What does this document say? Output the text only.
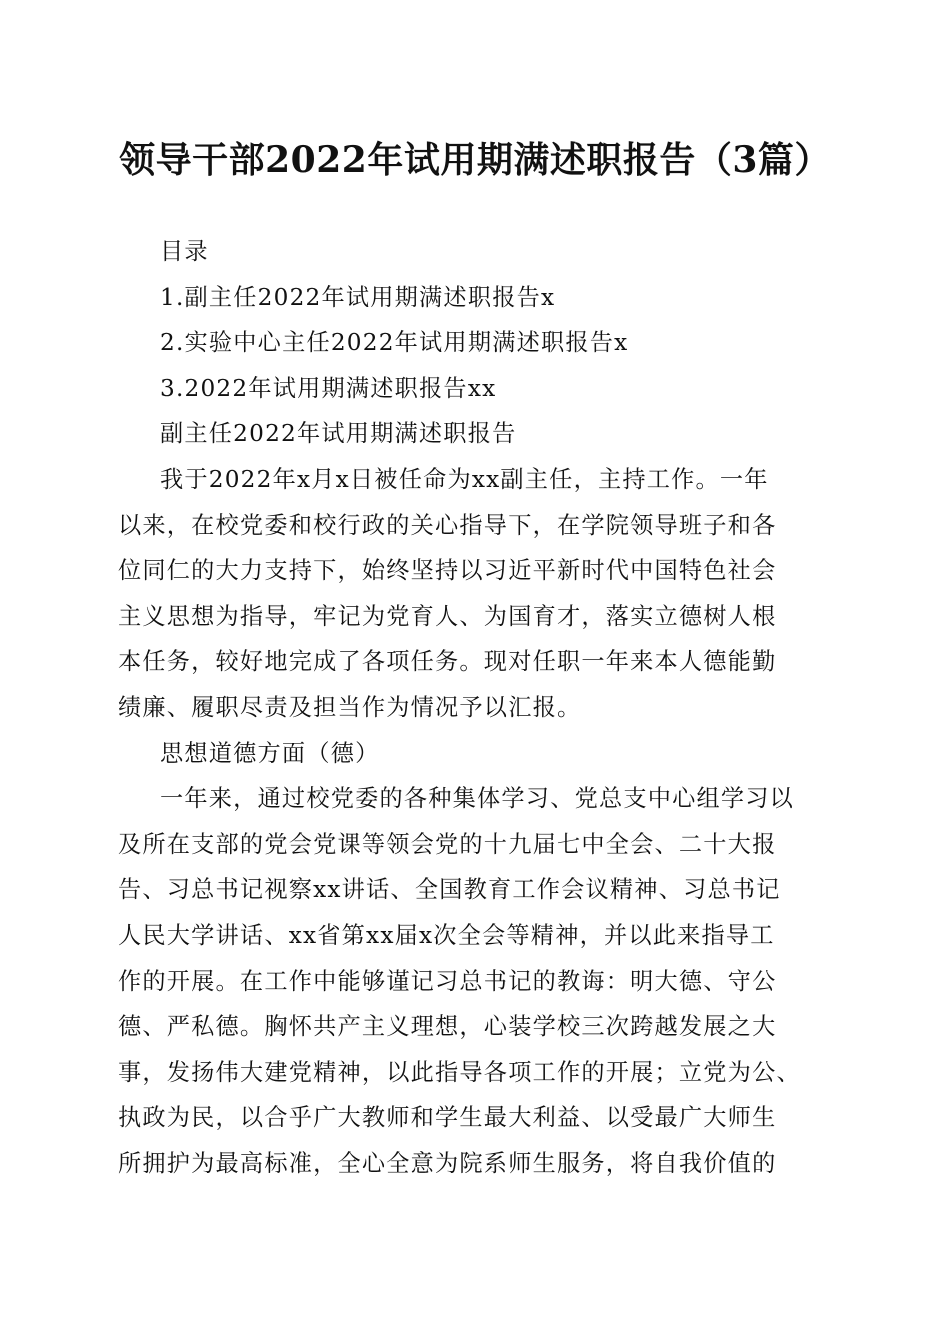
领导干部2022年试用期满述职报告（3篇）
目录
1.副主任2022年试用期满述职报告x
2.实验中心主任2022年试用期满述职报告x
3.2022年试用期满述职报告xx
副主任2022年试用期满述职报告
我于2022年x月x日被任命为xx副主任，主持工作。一年
以来，在校党委和校行政的关心指导下，在学院领导班子和各
位同仁的大力支持下，始终坚持以习近平新时代中国特色社会
主义思想为指导，牢记为党育人、为国育才，落实立德树人根
本任务，较好地完成了各项任务。现对任职一年来本人德能勤
绩廉、履职尽责及担当作为情况予以汇报。
思想道德方面（德）
一年来，通过校党委的各种集体学习、党总支中心组学习以
及所在支部的党会党课等领会党的十九届七中全会、二十大报
告、习总书记视察xx讲话、全国教育工作会议精神、习总书记
人民大学讲话、xx省第xx届x次全会等精神，并以此来指导工
作的开展。在工作中能够谨记习总书记的教诲：明大德、守公
德、严私德。胸怀共产主义理想，心装学校三次跨越发展之大
事，发扬伟大建党精神，以此指导各项工作的开展；立党为公、
执政为民，以合乎广大教师和学生最大利益、以受最广大师生
所拥护为最高标准，全心全意为院系师生服务，将自我价值的
